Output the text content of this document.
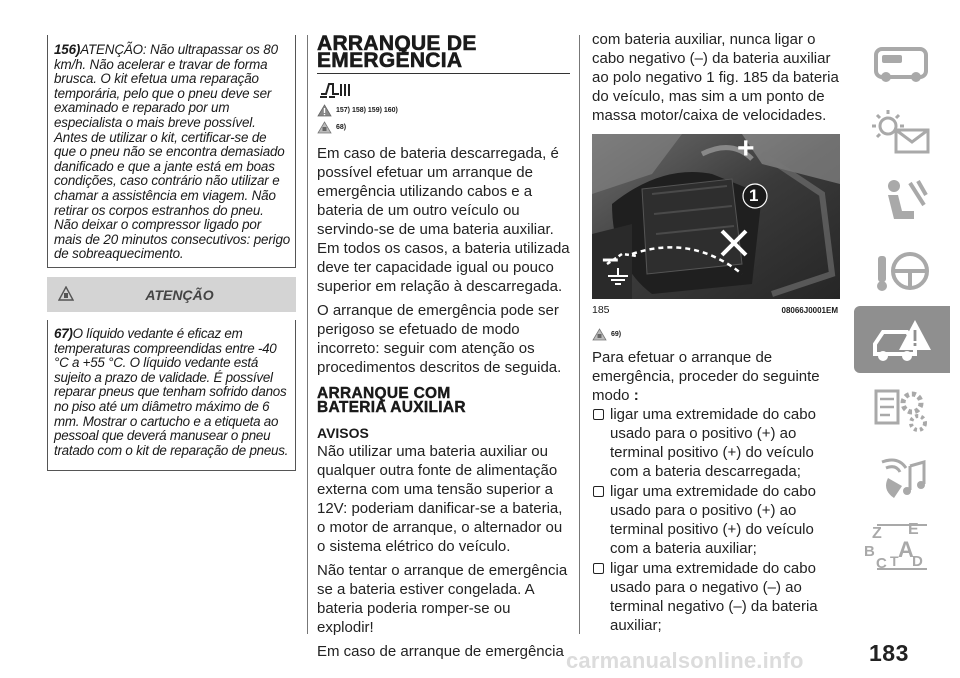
156)ATENÇÃO: Não ultrapassar os 80 km/h. Não acelerar e travar de forma brusca. O kit efetua uma reparação temporária, pelo que o pneu deve ser examinado e reparado por um especialista o mais breve possível. Antes de utilizar o kit, certificar-se de que o pneu não se encontra demasiado danificado e que a jante está em boas condições, caso contrário não utilizar e chamar a assistência em viagem. Não retirar os corpos estranhos do pneu. Não deixar o compressor ligado por mais de 20 minutos consecutivos: perigo de sobreaquecimento.

ATENÇÃO

67)O líquido vedante é eficaz em temperaturas compreendidas entre -40 °C a +55 °C. O líquido vedante está sujeito a prazo de validade. É possível reparar pneus que tenham sofrido danos no piso até um diâmetro máximo de 6 mm. Mostrar o cartucho e a etiqueta ao pessoal que deverá manusear o pneu tratado com o kit de reparação de pneus.

ARRANQUE DE
EMERGÊNCIA
157) 158) 159) 160)
68)

Em caso de bateria descarregada, é possível efetuar um arranque de emergência utilizando cabos e a bateria de um outro veículo ou servindo-se de uma bateria auxiliar. Em todos os casos, a bateria utilizada deve ter capacidade igual ou pouco superior em relação à descarregada.

O arranque de emergência pode ser perigoso se efetuado de modo incorreto: seguir com atenção os procedimentos descritos de seguida.

ARRANQUE COM
BATERIA AUXILIAR
AVISOS

Não utilizar uma bateria auxiliar ou qualquer outra fonte de alimentação externa com uma tensão superior a 12V: poderiam danificar-se a bateria, o motor de arranque, o alternador ou o sistema elétrico do veículo.

Não tentar o arranque de emergência se a bateria estiver congelada. A bateria poderia romper-se ou explodir!

Em caso de arranque de emergência

com bateria auxiliar, nunca ligar o cabo negativo (–) da bateria auxiliar ao polo negativo 1 fig. 185 da bateria do veículo, mas sim a um ponto de massa motor/caixa de velocidades.

+
–
1
185	08066J0001EM
69)

Para efetuar o arranque de emergência, proceder do seguinte modo :

ligar uma extremidade do cabo usado para o positivo (+) ao terminal positivo (+) do veículo com a bateria descarregada;
ligar uma extremidade do cabo usado para o positivo (+) ao terminal positivo (+) do veículo com a bateria auxiliar;
ligar uma extremidade do cabo usado para o negativo (–) ao terminal negativo (–) da bateria auxiliar;
Z E
B A
C T D
183
carmanualsonline.info
